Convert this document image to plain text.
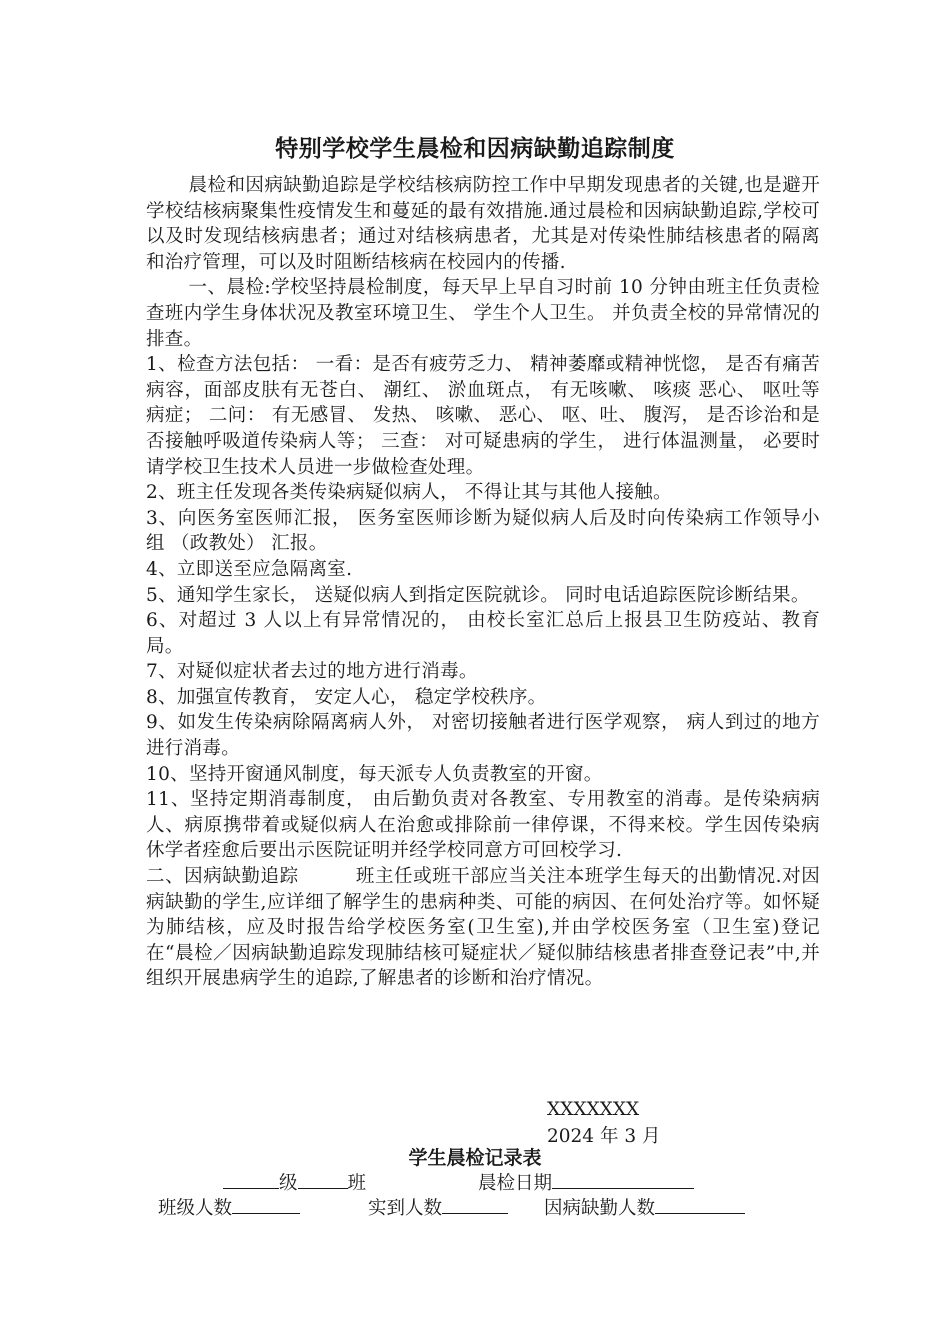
特别学校学生晨检和因病缺勤追踪制度

晨检和因病缺勤追踪是学校结核病防控工作中早期发现患者的关键,也是避开学校结核病聚集性疫情发生和蔓延的最有效措施.通过晨检和因病缺勤追踪,学校可以及时发现结核病患者；通过对结核病患者，尤其是对传染性肺结核患者的隔离和治疗管理，可以及时阻断结核病在校园内的传播.

一、晨检:学校坚持晨检制度，每天早上早自习时前 10 分钟由班主任负责检查班内学生身体状况及教室环境卫生、 学生个人卫生。 并负责全校的异常情况的排查。

1、检查方法包括： 一看：是否有疲劳乏力、 精神萎靡或精神恍惚， 是否有痛苦病容，面部皮肤有无苍白、 潮红、 淤血斑点， 有无咳嗽、 咳痰 恶心、 呕吐等病症； 二问： 有无感冒、 发热、 咳嗽、 恶心、 呕、吐、 腹泻， 是否诊治和是否接触呼吸道传染病人等； 三查： 对可疑患病的学生， 进行体温测量， 必要时请学校卫生技术人员进一步做检查处理。

2、班主任发现各类传染病疑似病人， 不得让其与其他人接触。

3、向医务室医师汇报， 医务室医师诊断为疑似病人后及时向传染病工作领导小组 （政教处） 汇报。

4、立即送至应急隔离室.

5、通知学生家长， 送疑似病人到指定医院就诊。 同时电话追踪医院诊断结果。

6、对超过 3 人以上有异常情况的， 由校长室汇总后上报县卫生防疫站、教育局。

7、对疑似症状者去过的地方进行消毒。

8、加强宣传教育， 安定人心， 稳定学校秩序。

9、如发生传染病除隔离病人外， 对密切接触者进行医学观察， 病人到过的地方进行消毒。

10、坚持开窗通风制度，每天派专人负责教室的开窗。

11、坚持定期消毒制度， 由后勤负责对各教室、专用教室的消毒。是传染病病人、病原携带着或疑似病人在治愈或排除前一律停课，不得来校。学生因传染病休学者痊愈后要出示医院证明并经学校同意方可回校学习.

二、因病缺勤追踪　　　班主任或班干部应当关注本班学生每天的出勤情况.对因病缺勤的学生,应详细了解学生的患病种类、可能的病因、在何处治疗等。如怀疑为肺结核，应及时报告给学校医务室(卫生室),并由学校医务室（卫生室)登记在“晨检／因病缺勤追踪发现肺结核可疑症状／疑似肺结核患者排查登记表”中,并组织开展患病学生的追踪,了解患者的诊断和治疗情况。

XXXXXXX
2024 年 3 月
学生晨检记录表
级	班	晨检日期
班级人数	实到人数	因病缺勤人数
